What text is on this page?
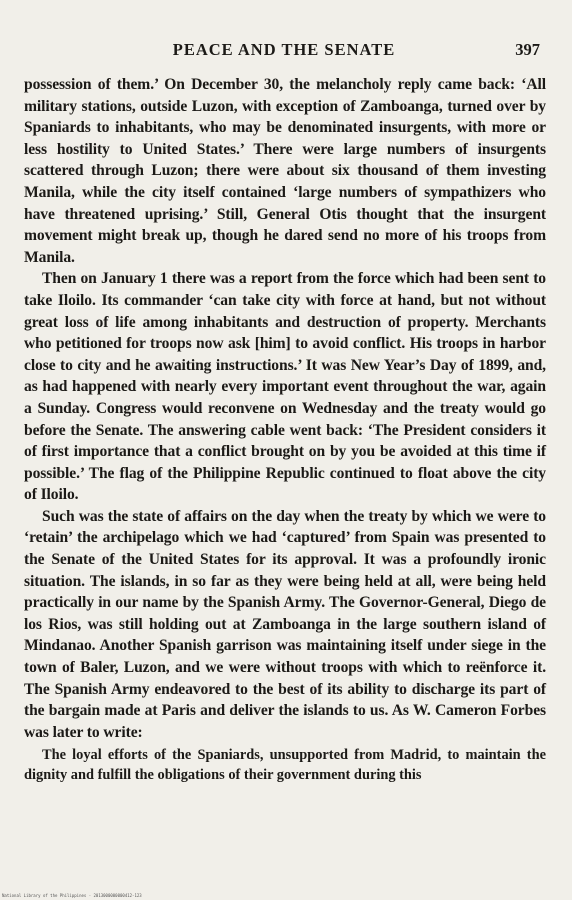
PEACE AND THE SENATE	397

possession of them.’ On December 30, the melancholy reply came back: ‘All military stations, outside Luzon, with exception of Zamboanga, turned over by Spaniards to inhabitants, who may be denominated insurgents, with more or less hostility to United States.’ There were large numbers of insurgents scattered through Luzon; there were about six thousand of them investing Manila, while the city itself contained ‘large numbers of sympathizers who have threatened uprising.’ Still, General Otis thought that the insurgent movement might break up, though he dared send no more of his troops from Manila.

Then on January 1 there was a report from the force which had been sent to take Iloilo. Its commander ‘can take city with force at hand, but not without great loss of life among inhabitants and destruction of property. Merchants who petitioned for troops now ask [him] to avoid conflict. His troops in harbor close to city and he awaiting instructions.’ It was New Year’s Day of 1899, and, as had happened with nearly every important event throughout the war, again a Sunday. Congress would reconvene on Wednesday and the treaty would go before the Senate. The answering cable went back: ‘The President considers it of first importance that a conflict brought on by you be avoided at this time if possible.’ The flag of the Philippine Republic continued to float above the city of Iloilo.

Such was the state of affairs on the day when the treaty by which we were to ‘retain’ the archipelago which we had ‘captured’ from Spain was presented to the Senate of the United States for its approval. It was a profoundly ironic situation. The islands, in so far as they were being held at all, were being held practically in our name by the Spanish Army. The Governor-General, Diego de los Rios, was still holding out at Zamboanga in the large southern island of Mindanao. Another Spanish garrison was maintaining itself under siege in the town of Baler, Luzon, and we were without troops with which to reënforce it. The Spanish Army endeavored to the best of its ability to discharge its part of the bargain made at Paris and deliver the islands to us. As W. Cameron Forbes was later to write:

The loyal efforts of the Spaniards, unsupported from Madrid, to maintain the dignity and fulfill the obligations of their government during this

National Library of the Philippines · 2013000000000412-123
